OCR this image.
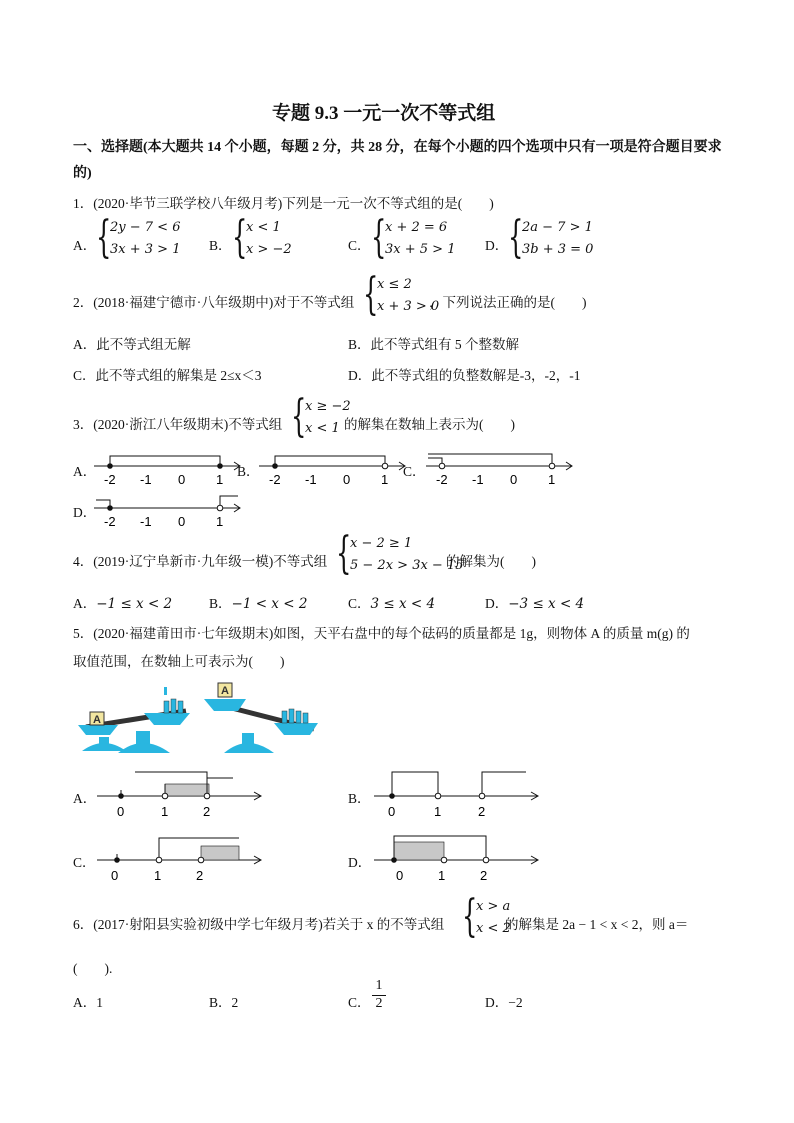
专题 9.3 一元一次不等式组
一、选择题(本大题共 14 个小题，每题 2 分，共 28 分，在每个小题的四个选项中只有一项是符合题目要求
的)
1．(2020·毕节三联学校八年级月考)下列是一元一次不等式组的是(　　)
A． {
2y − 7 < 6
3x + 3 > 1 B． {
x < 1
x > −2	C． {
x + 2 = 6
3x + 5 > 1 D． {
2a − 7 > 1
3b + 3 = 0
2．(2018·福建宁德市·八年级期中)对于不等式组 {
x ≤ 2
x + 3 > 0
，下列说法正确的是(　　)
A．此不等式组无解	B．此不等式组有 5 个整数解
C．此不等式组的解集是 2≤x＜3	D．此不等式组的负整数解是-3，-2，-1
3．(2020·浙江八年级期末)不等式组 {
x ≥ −2
x < 1 的解集在数轴上表示为(　　)
A．	B．	C．
D．
-2 -1 0 1	-2 -1 0 1	-2 -1 0 1
-2 -1 0 1
4．(2019·辽宁阜新市·九年级一模)不等式组 {
x − 2 ≥ 1
5 − 2x > 3x − 15
的解集为(　　)
A．−1 ≤ x < 2	B．−1 < x < 2	C．3 ≤ x < 4	D．−3 ≤ x < 4
5．(2020·福建莆田市·七年级期末)如图，天平右盘中的每个砝码的质量都是 1g，则物体 A 的质量 m(g) 的
取值范围，在数轴上可表示为(　　)
A
A
A．	B．
C．	D．
0	1	2	0	1	2
0	1	2	0	1	2
6．(2017·射阳县实验初级中学七年级月考)若关于 x 的不等式组 {
x > a
x < 2
的解集是 2a − 1 < x < 2，则 a＝
(　　).
A．1	B．2	C．
1
2	D．−2
